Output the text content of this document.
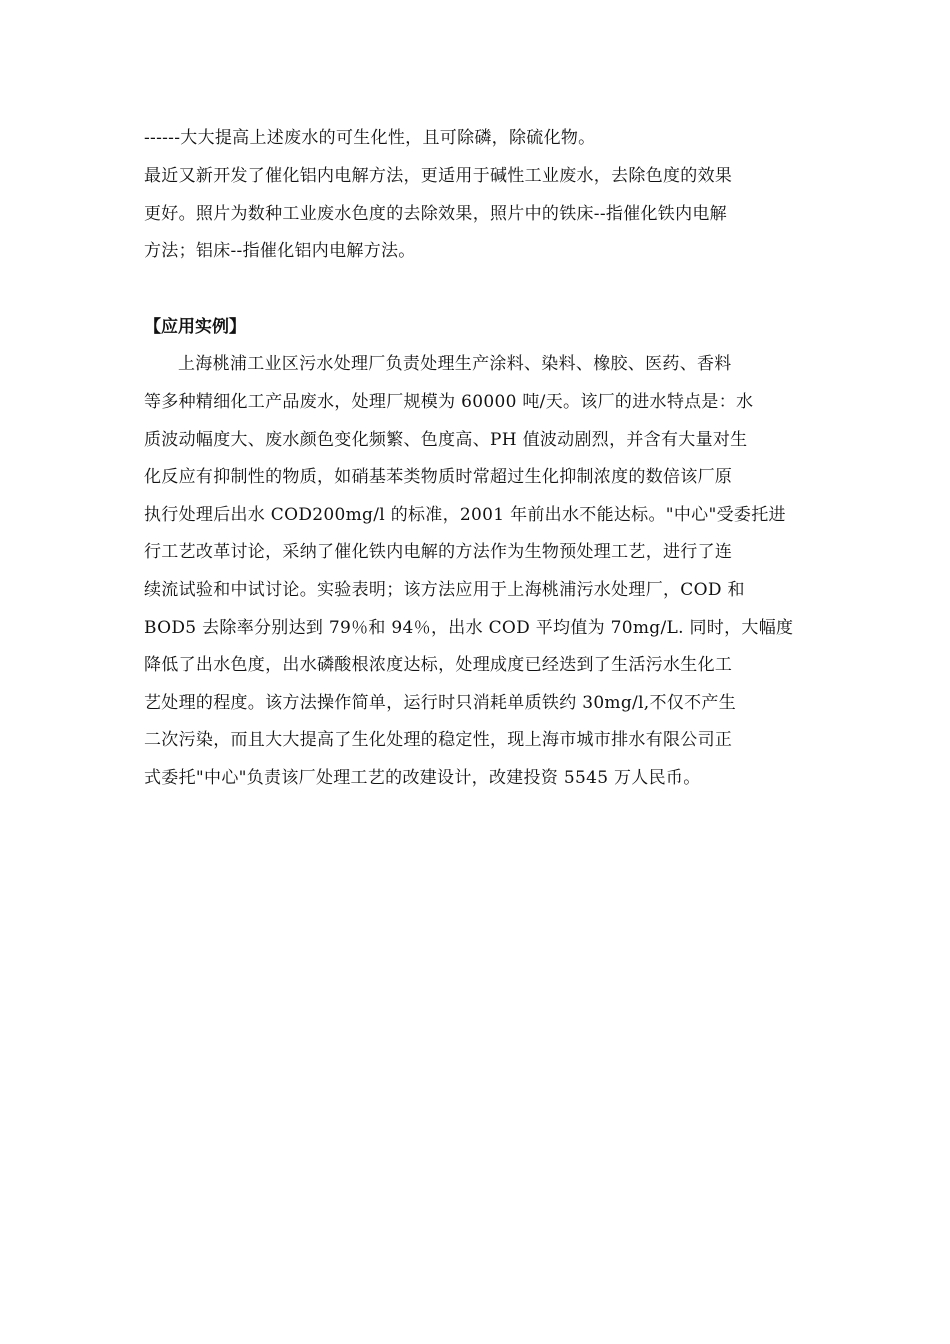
------大大提高上述废水的可生化性，且可除磷，除硫化物。
最近又新开发了催化铝内电解方法，更适用于碱性工业废水，去除色度的效果
更好。照片为数种工业废水色度的去除效果，照片中的铁床--指催化铁内电解
方法；铝床--指催化铝内电解方法。
【应用实例】
上海桃浦工业区污水处理厂负责处理生产涂料、染料、橡胶、医药、香料
等多种精细化工产品废水，处理厂规模为 60000 吨/天。该厂的进水特点是：水
质波动幅度大、废水颜色变化频繁、色度高、PH 值波动剧烈，并含有大量对生
化反应有抑制性的物质，如硝基苯类物质时常超过生化抑制浓度的数倍该厂原
执行处理后出水 COD200mg/l 的标准，2001 年前出水不能达标。"中心"受委托进
行工艺改革讨论，采纳了催化铁内电解的方法作为生物预处理工艺，进行了连
续流试验和中试讨论。实验表明；该方法应用于上海桃浦污水处理厂，COD 和
BOD5 去除率分别达到 79％和 94％，出水 COD 平均值为 70mg/L. 同时，大幅度
降低了出水色度，出水磷酸根浓度达标，处理成度已经迭到了生活污水生化工
艺处理的程度。该方法操作简单，运行时只消耗单质铁约 30mg/l,不仅不产生
二次污染，而且大大提高了生化处理的稳定性，现上海市城市排水有限公司正
式委托"中心"负责该厂处理工艺的改建设计，改建投资 5545 万人民币。
